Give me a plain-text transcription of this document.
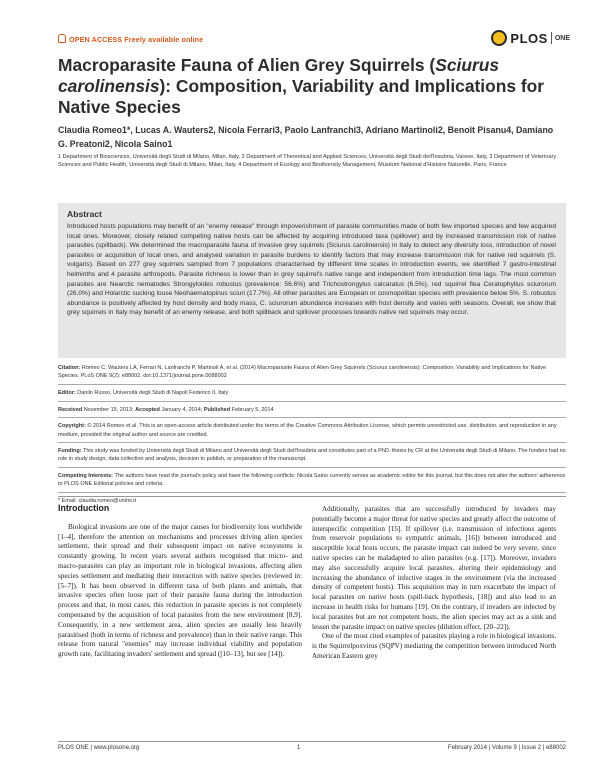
OPEN ACCESS Freely available online	PLOS ONE
Macroparasite Fauna of Alien Grey Squirrels (Sciurus carolinensis): Composition, Variability and Implications for Native Species

Claudia Romeo1*, Lucas A. Wauters2, Nicola Ferrari3, Paolo Lanfranchi3, Adriano Martinoli2, Benoît Pisanu4, Damiano G. Preatoni2, Nicola Saino1

1 Department of Biosciences, Università degli Studi di Milano, Milan, Italy, 2 Department of Theoretical and Applied Sciences, Università degli Studi dell'Insubria, Varese, Italy, 3 Department of Veterinary Sciences and Public Health, Università degli Studi di Milano, Milan, Italy, 4 Department of Ecology and Biodiversity Management, Muséum National d'Histoire Naturelle, Paris, France

Abstract

Introduced hosts populations may benefit of an "enemy release" through impoverishment of parasite communities made of both few imported species and few acquired local ones. Moreover, closely related competing native hosts can be affected by acquiring introduced taxa (spillover) and by increased transmission risk of native parasites (spillback). We determined the macroparasite fauna of invasive grey squirrels (Sciurus carolinensis) in Italy to detect any diversity loss, introduction of novel parasites or acquisition of local ones, and analysed variation in parasite burdens to identify factors that may increase transmission risk for native red squirrels (S. vulgaris). Based on 277 grey squirrels sampled from 7 populations characterised by different time scales in introduction events, we identified 7 gastro-intestinal helminths and 4 parasite arthropods. Parasite richness is lower than in grey squirrel's native range and independent from introduction time lags. The most common parasites are Nearctic nematodes Strongyloides robustus (prevalence: 56.6%) and Trichostrongylus calcaratus (6.5%), red squirrel flea Ceratophyllus sciurorum (26.0%) and Holarctic sucking louse Neohaematopinus sciuri (17.7%). All other parasites are European or cosmopolitan species with prevalence below 5%. S. robustus abundance is positively affected by host density and body mass, C. sciurorum abundance increases with host density and varies with seasons. Overall, we show that grey squirrels in Italy may benefit of an enemy release, and both spillback and spillover processes towards native red squirrels may occur.

Citation: Romeo C, Wauters LA, Ferrari N, Lanfranchi P, Martinoli A, et al. (2014) Macroparasite Fauna of Alien Grey Squirrels (Sciurus carolinensis): Composition, Variability and Implications for Native Species. PLoS ONE 9(2): e88002. doi:10.1371/journal.pone.0088002

Editor: Danilo Russo, Università degli Studi di Napoli Federico II, Italy

Received November 15, 2013; Accepted January 4, 2014; Published February 5, 2014

Copyright: © 2014 Romeo et al. This is an open-access article distributed under the terms of the Creative Commons Attribution License, which permits unrestricted use, distribution, and reproduction in any medium, provided the original author and source are credited.

Funding: This study was funded by Università degli Studi di Milano and Università degli Studi dell'Insubria and constitutes part of a PhD. thesis by CR at the Università degli Studi di Milano. The funders had no role in study design, data collection and analysis, decision to publish, or preparation of the manuscript.

Competing Interests: The authors have read the journal's policy and have the following conflicts: Nicola Saino currently serves as academic editor for this journal, but this does not alter the authors' adherence to PLOS ONE Editorial policies and criteria.

* Email: claudia.romeo@unimi.it

Introduction

Biological invasions are one of the major causes for biodiversity loss worldwide [1–4], therefore the attention on mechanisms and processes driving alien species settlement, their spread and their subsequent impact on native ecosystems is constantly growing. In recent years several authors recognised that micro- and macro-parasites can play an important role in biological invasions, affecting alien species settlement and mediating their interaction with native species (reviewed in: [5–7]). It has been observed in different taxa of both plants and animals, that invasive species often loose part of their parasite fauna during the introduction process and that, in most cases, this reduction in parasite species is not completely compensated by the acquisition of local parasites from the new environment [8,9]. Consequently, in a new settlement area, alien species are usually less heavily parasitised (both in terms of richness and prevalence) than in their native range. This release from natural "enemies" may increase individual viability and population growth rate, facilitating invaders' settlement and spread ([10–13], but see [14]).

Additionally, parasites that are successfully introduced by invaders may potentially become a major threat for native species and greatly affect the outcome of interspecific competition [15]. If spillover (i.e. transmission of infectious agents from reservoir populations to sympatric animals, [16]) between introduced and susceptible local hosts occurs, the parasite impact can indeed be very severe, since native species can be maladapted to alien parasites (e.g. [17]). Moreover, invaders may also successfully acquire local parasites, altering their epidemiology and increasing the abundance of infective stages in the environment (via the increased density of competent hosts). This acquisition may in turn exacerbate the impact of local parasites on native hosts (spill-back hypothesis, [18]) and also lead to an increase in health risks for humans [19]. On the contrary, if invaders are infected by local parasites but are not competent hosts, the alien species may act as a sink and lessen the parasite impact on native species (dilution effect, [20–22]).

One of the most cited examples of parasites playing a role in biological invasions, is the Squirrelpoxvirus (SQPV) mediating the competition between introduced North American Eastern grey

PLOS ONE | www.plosone.org	1	February 2014 | Volume 9 | Issue 2 | e88002
